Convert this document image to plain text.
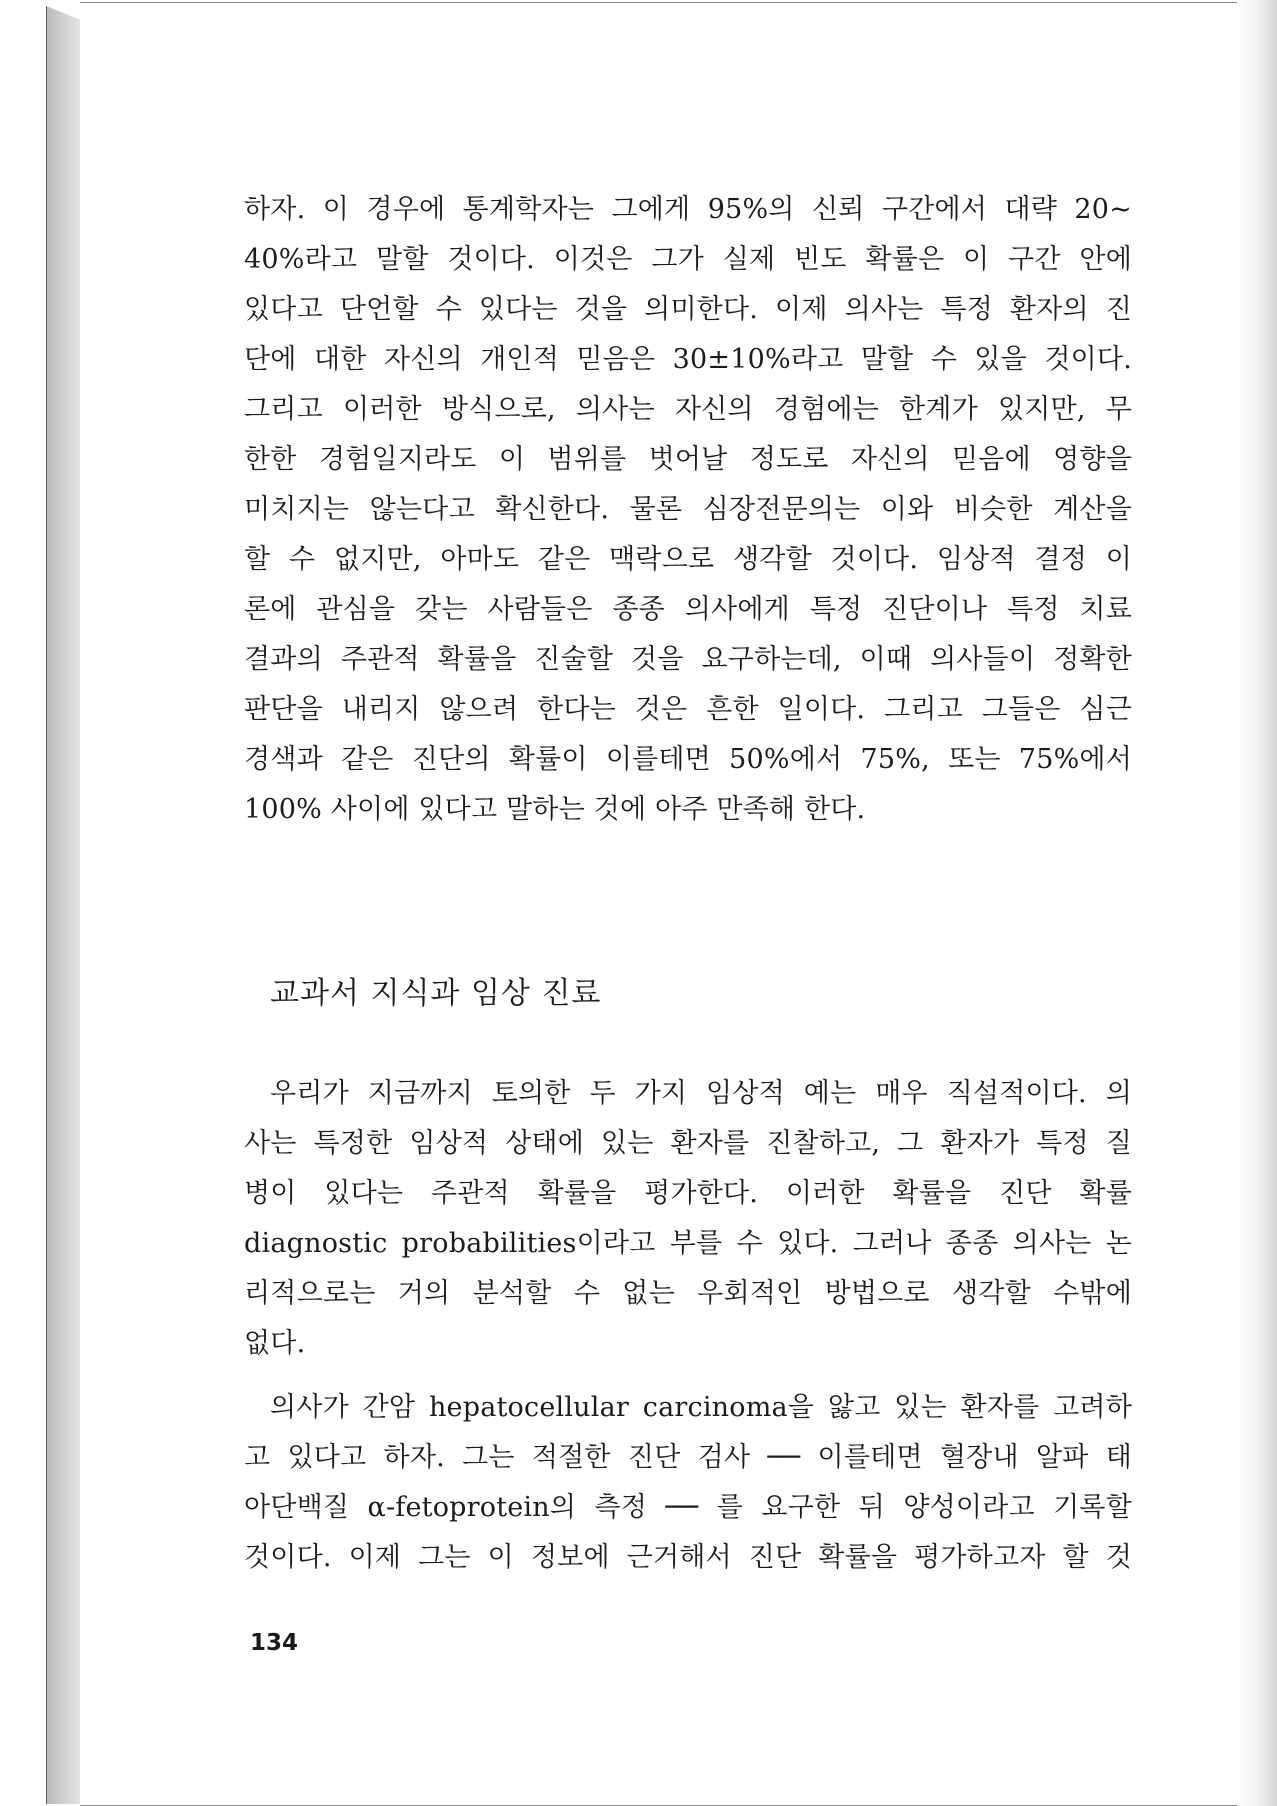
하자. 이 경우에 통계학자는 그에게 95%의 신뢰 구간에서 대략 20~
40%라고 말할 것이다. 이것은 그가 실제 빈도 확률은 이 구간 안에
있다고 단언할 수 있다는 것을 의미한다. 이제 의사는 특정 환자의 진
단에 대한 자신의 개인적 믿음은 30±10%라고 말할 수 있을 것이다.
그리고 이러한 방식으로, 의사는 자신의 경험에는 한계가 있지만, 무
한한 경험일지라도 이 범위를 벗어날 정도로 자신의 믿음에 영향을
미치지는 않는다고 확신한다. 물론 심장전문의는 이와 비슷한 계산을
할 수 없지만, 아마도 같은 맥락으로 생각할 것이다. 임상적 결정 이
론에 관심을 갖는 사람들은 종종 의사에게 특정 진단이나 특정 치료
결과의 주관적 확률을 진술할 것을 요구하는데, 이때 의사들이 정확한
판단을 내리지 않으려 한다는 것은 흔한 일이다. 그리고 그들은 심근
경색과 같은 진단의 확률이 이를테면 50%에서 75%, 또는 75%에서
100% 사이에 있다고 말하는 것에 아주 만족해 한다.
교과서 지식과 임상 진료
우리가 지금까지 토의한 두 가지 임상적 예는 매우 직설적이다. 의
사는 특정한 임상적 상태에 있는 환자를 진찰하고, 그 환자가 특정 질
병이 있다는 주관적 확률을 평가한다. 이러한 확률을 진단 확률
diagnostic probabilities이라고 부를 수 있다. 그러나 종종 의사는 논
리적으로는 거의 분석할 수 없는 우회적인 방법으로 생각할 수밖에
없다.
의사가 간암 hepatocellular carcinoma을 앓고 있는 환자를 고려하
고 있다고 하자. 그는 적절한 진단 검사 ── 이를테면 혈장내 알파 태
아단백질 α-fetoprotein의 측정 ── 를 요구한 뒤 양성이라고 기록할
것이다. 이제 그는 이 정보에 근거해서 진단 확률을 평가하고자 할 것
134
